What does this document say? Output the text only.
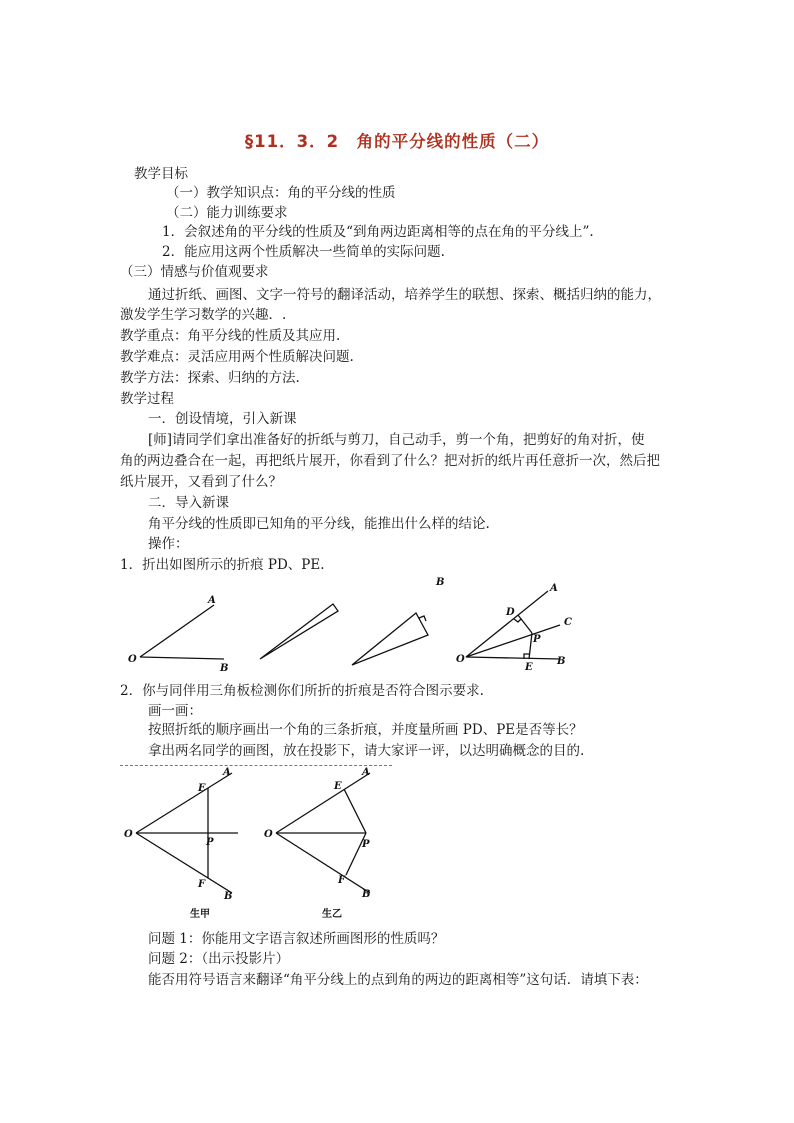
§11．3．2　角的平分线的性质（二）
教学目标
（一）教学知识点：角的平分线的性质
（二）能力训练要求
1．会叙述角的平分线的性质及“到角两边距离相等的点在角的平分线上”.
2．能应用这两个性质解决一些简单的实际问题.
（三）情感与价值观要求
通过折纸、画图、文字一符号的翻译活动，培养学生的联想、探索、概括归纳的能力，
激发学生学习数学的兴趣．.
教学重点：角平分线的性质及其应用.
教学难点：灵活应用两个性质解决问题.
教学方法：探索、归纳的方法.
教学过程
一．创设情境，引入新课
[师]请同学们拿出准备好的折纸与剪刀，自己动手，剪一个角，把剪好的角对折，使
角的两边叠合在一起，再把纸片展开，你看到了什么？把对折的纸片再任意折一次，然后把
纸片展开，又看到了什么？
二．导入新课
角平分线的性质即已知角的平分线，能推出什么样的结论.
操作：
1．折出如图所示的折痕 PD、PE.
O
A
B
B
O
A
B
D
C
P
E
2．你与同伴用三角板检测你们所折的折痕是否符合图示要求.
画一画：
按照折纸的顺序画出一个角的三条折痕，并度量所画 PD、PE是否等长？
拿出两名同学的画图，放在投影下，请大家评一评，以达明确概念的目的.
O
A
E
P
F
B
生甲
O
A
E
P
F
B
生乙
问题 1：你能用文字语言叙述所画图形的性质吗？
问题 2：（出示投影片）
能否用符号语言来翻译“角平分线上的点到角的两边的距离相等”这句话．请填下表：
